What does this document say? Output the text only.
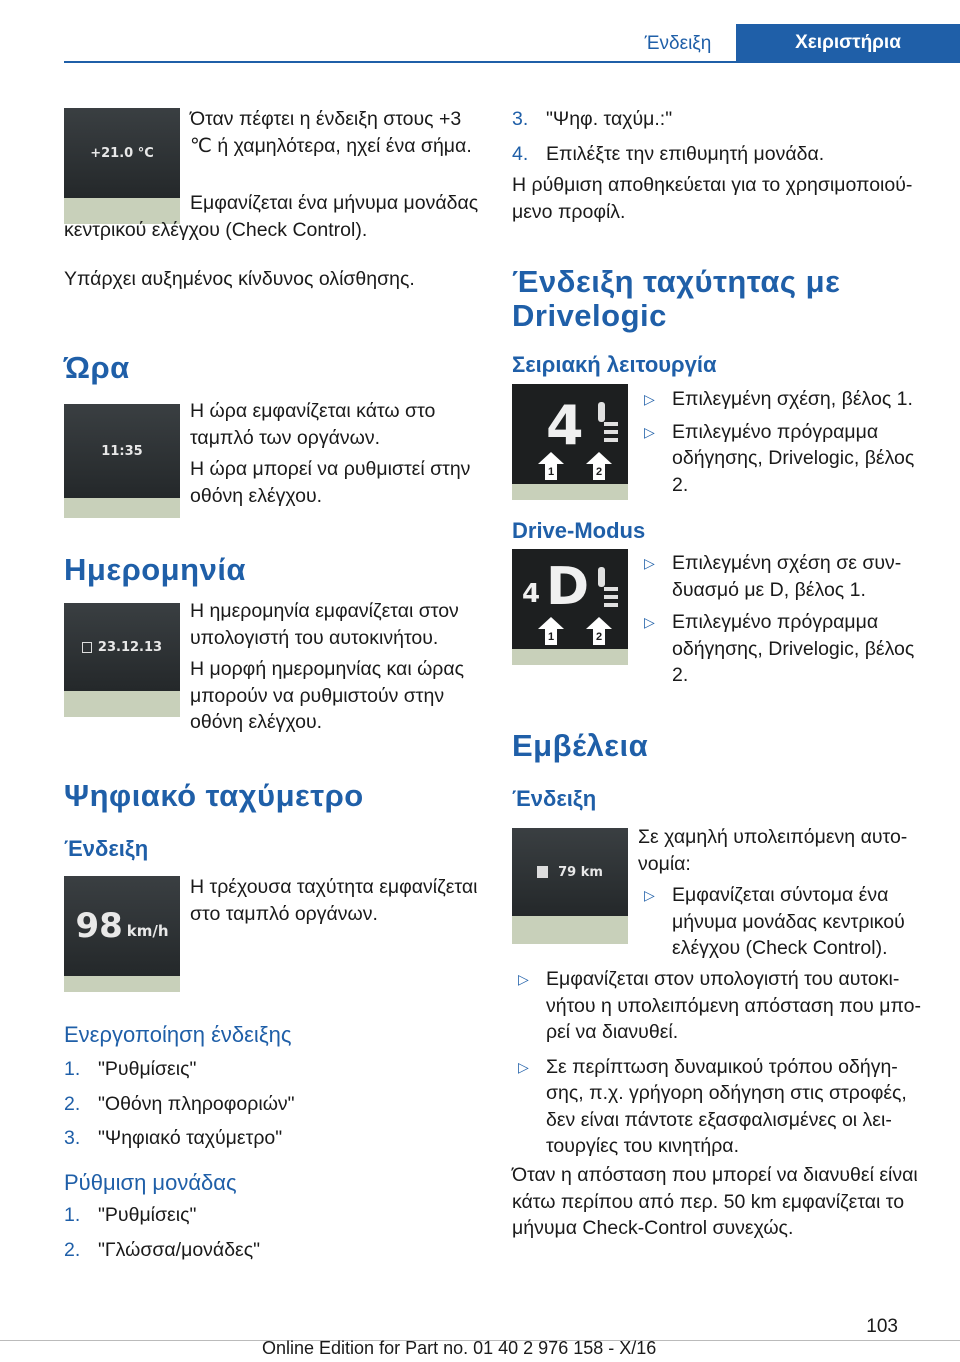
Ένδειξη	Χειριστήρια
+21.0 °C

Όταν πέφτει η ένδειξη στους +3 ℃ ή χαμηλότερα, ηχεί ένα σήμα.

Εμφανίζεται ένα μήνυμα μονάδας κεντρικού ελέγχου (Check Control).

Υπάρχει αυξημένος κίνδυνος ολίσθησης.

Ώρα
11:35

Η ώρα εμφανίζεται κάτω στο ταμπλό των οργάνων.

Η ώρα μπορεί να ρυθμιστεί στην οθόνη ελέγχου.

Ημερομηνία
23.12.13

Η ημερομηνία εμφανίζεται στον υπολογιστή του αυτοκινήτου.

Η μορφή ημερομηνίας και ώρας μπορούν να ρυθμιστούν στην οθόνη ελέγχου.

Ψηφιακό ταχύμετρο
Ένδειξη
98 km/h

Η τρέχουσα ταχύτητα εμφανίζεται στο ταμπλό οργάνων.

Ενεργοποίηση ένδειξης
1. "Ρυθμίσεις"
2. "Οθόνη πληροφοριών"
3. "Ψηφιακό ταχύμετρο"
Ρύθμιση μονάδας
1. "Ρυθμίσεις"
2. "Γλώσσα/μονάδες"
3. "Ψηφ. ταχύμ.:"
4. Επιλέξτε την επιθυμητή μονάδα.

Η ρύθμιση αποθηκεύεται για το χρησιμοποιούμενο προφίλ.

Ένδειξη ταχύτητας με
Drivelogic
Σειριακή λειτουργία
4
1	2
▷ Επιλεγμένη σχέση, βέλος 1.
▷ Επιλεγμένο πρόγραμμα οδήγησης, Drivelogic, βέλος 2.
Drive-Modus
4 D
1	2
▷ Επιλεγμένη σχέση σε συνδυασμό με D, βέλος 1.
▷ Επιλεγμένο πρόγραμμα οδήγησης, Drivelogic, βέλος 2.
Εμβέλεια
Ένδειξη
79 km

Σε χαμηλή υπολειπόμενη αυτονομία:

▷ Εμφανίζεται σύντομα ένα μήνυμα μονάδας κεντρικού ελέγχου (Check Control).
▷ Εμφανίζεται στον υπολογιστή του αυτοκινήτου η υπολειπόμενη απόσταση που μπορεί να διανυθεί.
▷ Σε περίπτωση δυναμικού τρόπου οδήγησης, π.χ. γρήγορη οδήγηση στις στροφές, δεν είναι πάντοτε εξασφαλισμένες οι λειτουργίες του κινητήρα.

Όταν η απόσταση που μπορεί να διανυθεί είναι κάτω περίπου από περ. 50 km εμφανίζεται το μήνυμα Check-Control συνεχώς.

103
Online Edition for Part no. 01 40 2 976 158 - X/16
